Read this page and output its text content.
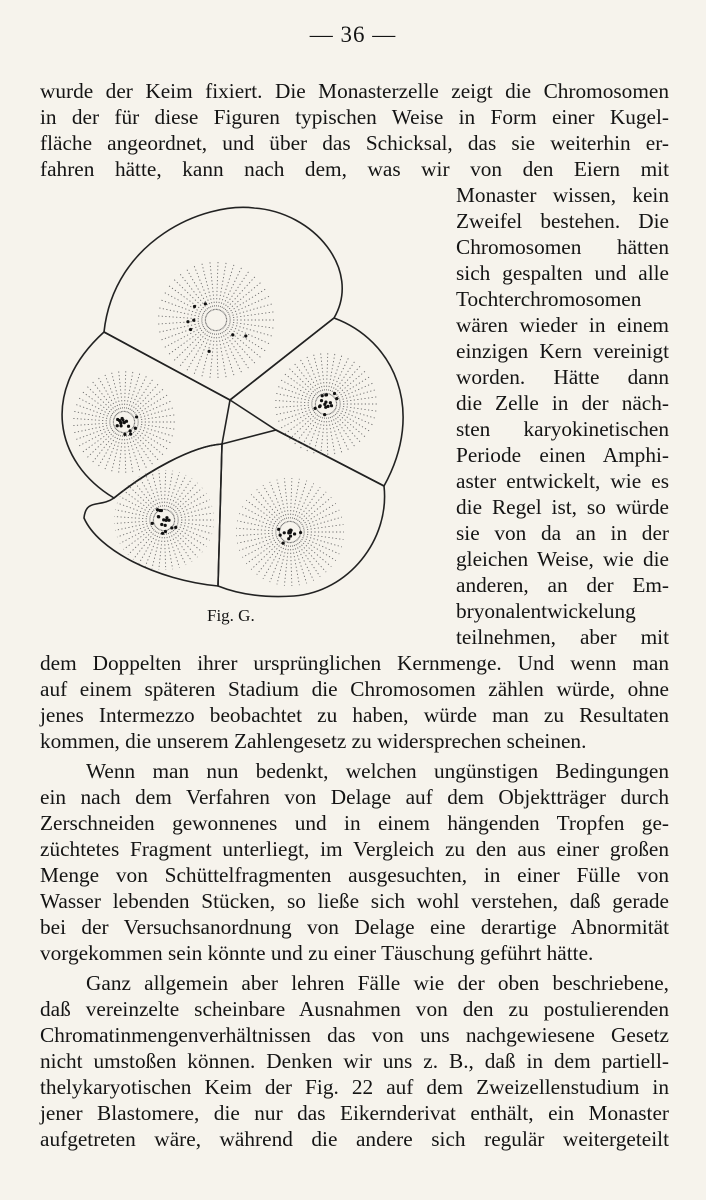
— 36 —
wurde der Keim fixiert. Die Monasterzelle zeigt die Chromosomen
in der für diese Figuren typischen Weise in Form einer Kugel-
fläche angeordnet, und über das Schicksal, das sie weiterhin er-
fahren hätte, kann nach dem, was wir von den Eiern mit
Monaster wissen, kein
Zweifel bestehen. Die
Chromosomen hätten
sich gespalten und alle
Tochterchromosomen
wären wieder in einem
einzigen Kern vereinigt
worden. Hätte dann
die Zelle in der näch-
sten karyokinetischen
Periode einen Amphi-
aster entwickelt, wie es
die Regel ist, so würde
sie von da an in der
gleichen Weise, wie die
anderen, an der Em-
bryonalentwickelung
teilnehmen, aber mit
dem Doppelten ihrer ursprünglichen Kernmenge. Und wenn man
auf einem späteren Stadium die Chromosomen zählen würde, ohne
jenes Intermezzo beobachtet zu haben, würde man zu Resultaten
kommen, die unserem Zahlengesetz zu widersprechen scheinen.
Wenn man nun bedenkt, welchen ungünstigen Bedingungen
ein nach dem Verfahren von Delage auf dem Objektträger durch
Zerschneiden gewonnenes und in einem hängenden Tropfen ge-
züchtetes Fragment unterliegt, im Vergleich zu den aus einer großen
Menge von Schüttelfragmenten ausgesuchten, in einer Fülle von
Wasser lebenden Stücken, so ließe sich wohl verstehen, daß gerade
bei der Versuchsanordnung von Delage eine derartige Abnormität
vorgekommen sein könnte und zu einer Täuschung geführt hätte.
Ganz allgemein aber lehren Fälle wie der oben beschriebene,
daß vereinzelte scheinbare Ausnahmen von den zu postulierenden
Chromatinmengenverhältnissen das von uns nachgewiesene Gesetz
nicht umstoßen können. Denken wir uns z. B., daß in dem partiell-
thelykaryotischen Keim der Fig. 22 auf dem Zweizellenstudium in
jener Blastomere, die nur das Eikernderivat enthält, ein Monaster
aufgetreten wäre, während die andere sich regulär weitergeteilt
Fig. G.
